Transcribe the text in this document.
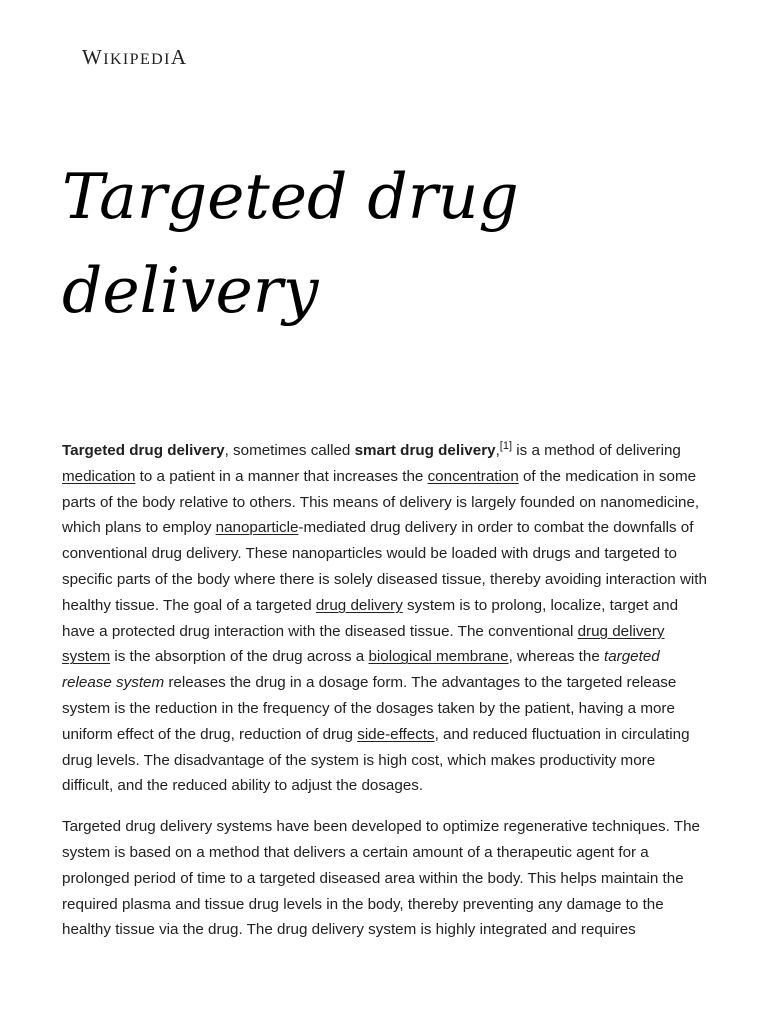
WIKIPEDIA
Targeted drug delivery

Targeted drug delivery, sometimes called smart drug delivery,[1] is a method of delivering medication to a patient in a manner that increases the concentration of the medication in some parts of the body relative to others. This means of delivery is largely founded on nanomedicine, which plans to employ nanoparticle-mediated drug delivery in order to combat the downfalls of conventional drug delivery. These nanoparticles would be loaded with drugs and targeted to specific parts of the body where there is solely diseased tissue, thereby avoiding interaction with healthy tissue. The goal of a targeted drug delivery system is to prolong, localize, target and have a protected drug interaction with the diseased tissue. The conventional drug delivery system is the absorption of the drug across a biological membrane, whereas the targeted release system releases the drug in a dosage form. The advantages to the targeted release system is the reduction in the frequency of the dosages taken by the patient, having a more uniform effect of the drug, reduction of drug side-effects, and reduced fluctuation in circulating drug levels. The disadvantage of the system is high cost, which makes productivity more difficult, and the reduced ability to adjust the dosages.

Targeted drug delivery systems have been developed to optimize regenerative techniques. The system is based on a method that delivers a certain amount of a therapeutic agent for a prolonged period of time to a targeted diseased area within the body. This helps maintain the required plasma and tissue drug levels in the body, thereby preventing any damage to the healthy tissue via the drug. The drug delivery system is highly integrated and requires
